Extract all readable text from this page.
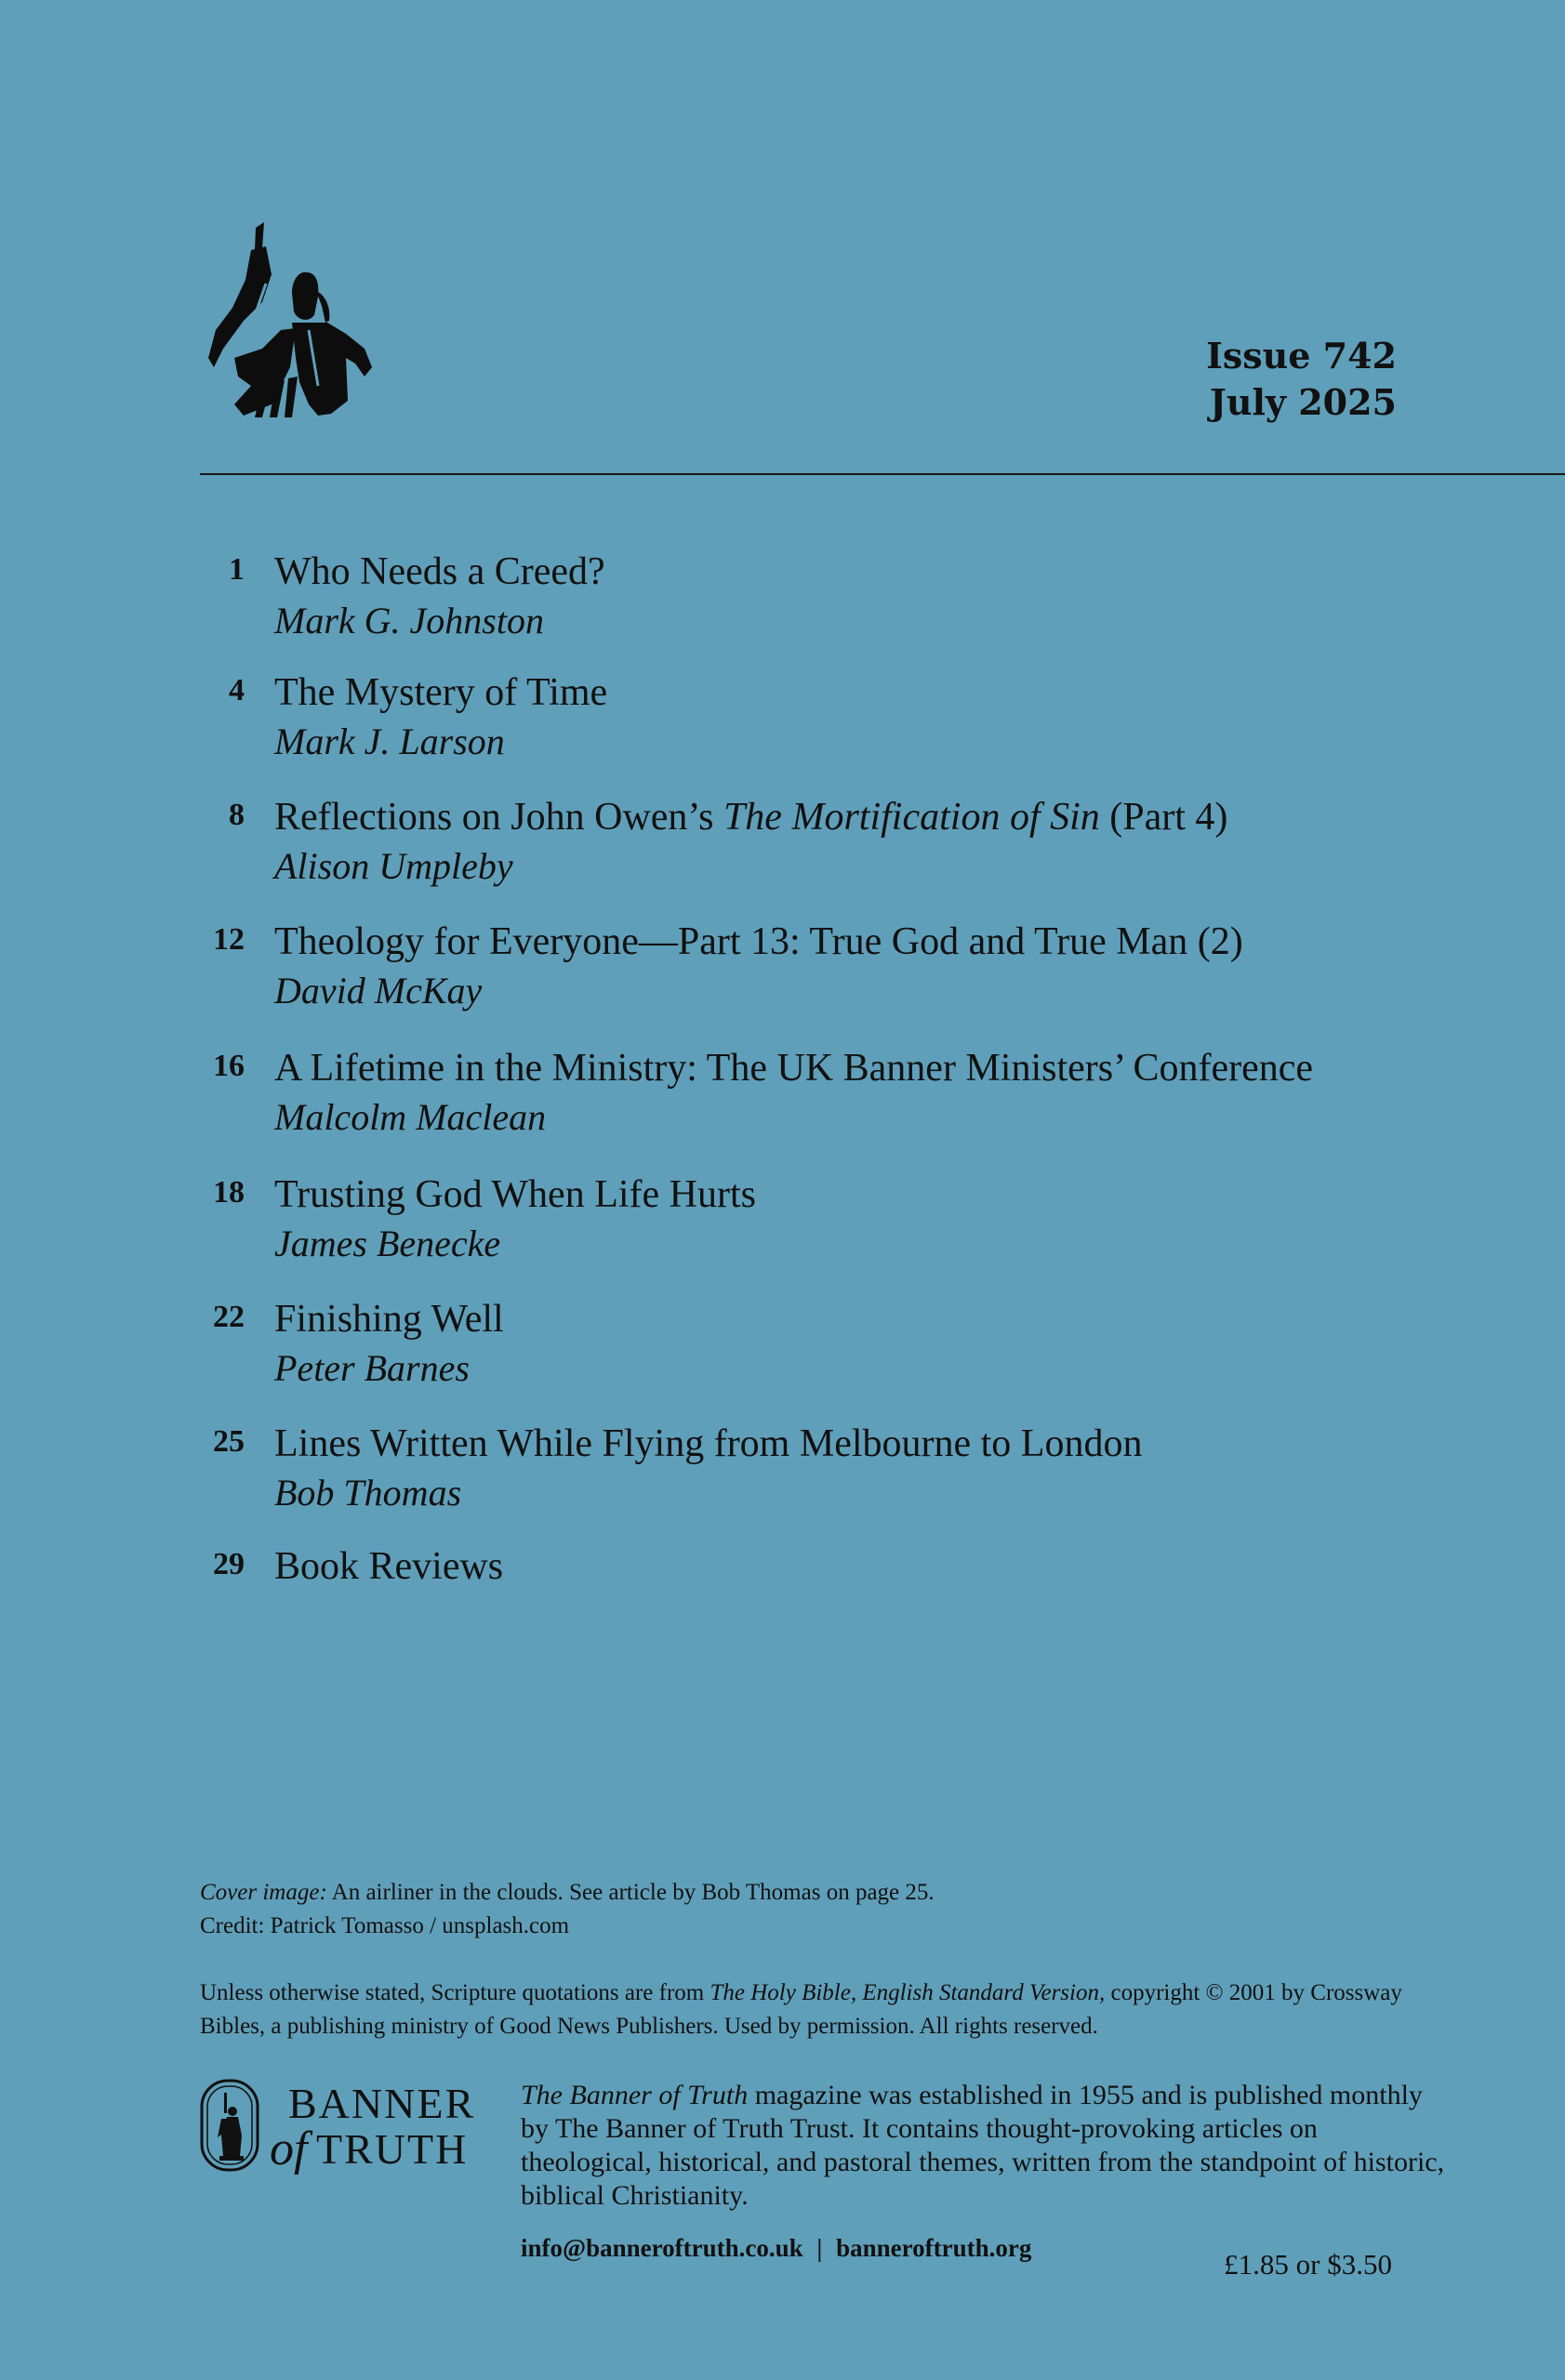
Issue 742
July 2025
1 Who Needs a Creed?
Mark G. Johnston
4 The Mystery of Time
Mark J. Larson
8 Reflections on John Owen’s The Mortification of Sin (Part 4)
Alison Umpleby
12 Theology for Everyone—Part 13: True God and True Man (2)
David McKay
16 A Lifetime in the Ministry: The UK Banner Ministers’ Conference
Malcolm Maclean
18 Trusting God When Life Hurts
James Benecke
22 Finishing Well
Peter Barnes
25 Lines Written While Flying from Melbourne to London
Bob Thomas
29 Book Reviews
Cover image: An airliner in the clouds. See article by Bob Thomas on page 25.
Credit: Patrick Tomasso / unsplash.com
Unless otherwise stated, Scripture quotations are from The Holy Bible, English Standard Version, copyright © 2001 by Crossway Bibles, a publishing ministry of Good News Publishers. Used by permission. All rights reserved.
BANNER
of TRUTH
The Banner of Truth magazine was established in 1955 and is published monthly by The Banner of Truth Trust. It contains thought-provoking articles on theological, historical, and pastoral themes, written from the standpoint of historic, biblical Christianity.
info@banneroftruth.co.uk | banneroftruth.org	£1.85 or $3.50
